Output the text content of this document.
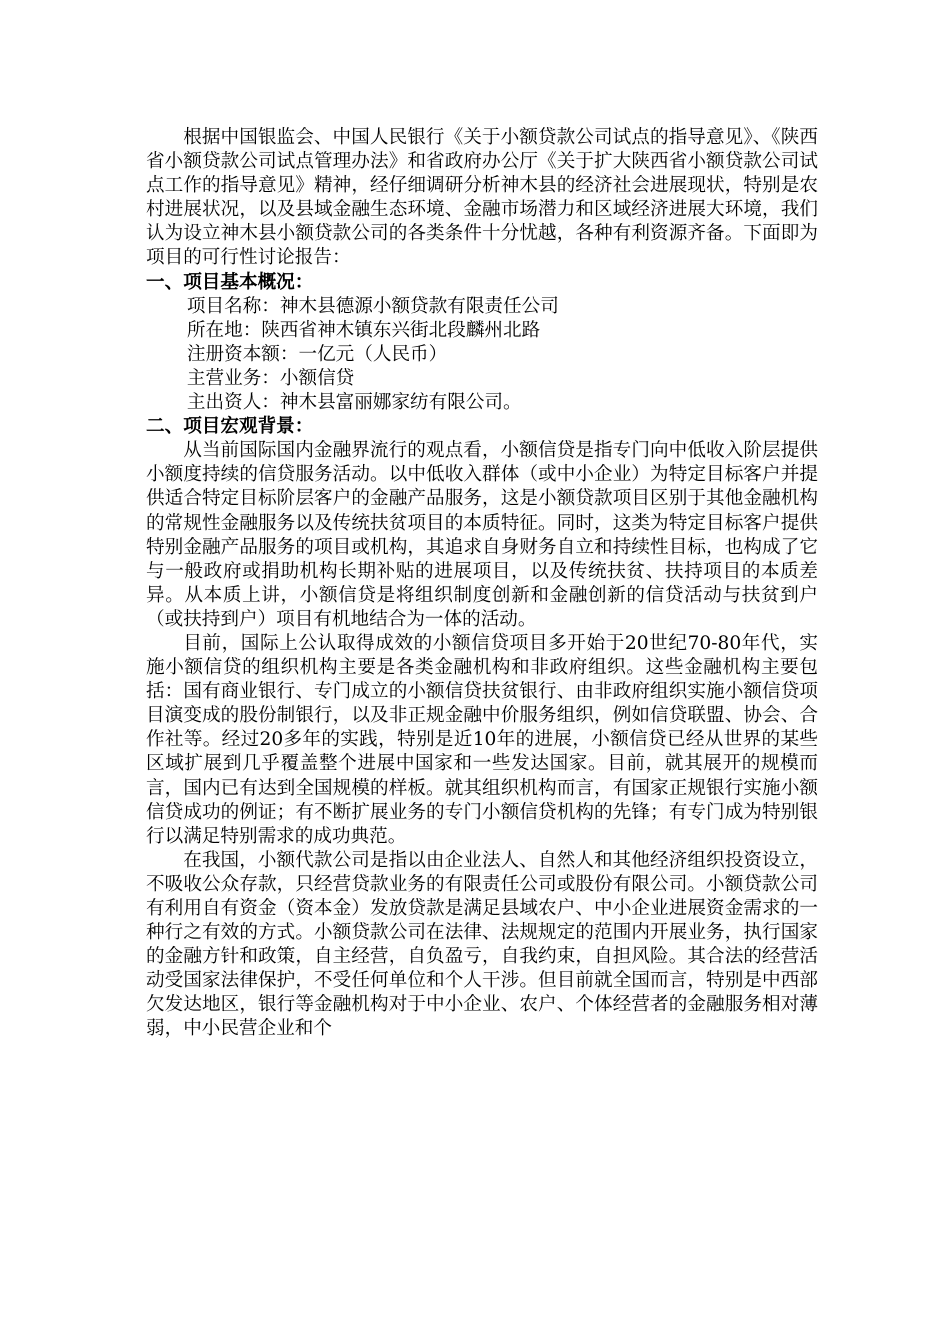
根据中国银监会、中国人民银行《关于小额贷款公司试点的指导意见》、《陕西省小额贷款公司试点管理办法》和省政府办公厅《关于扩大陕西省小额贷款公司试点工作的指导意见》精神，经仔细调研分析神木县的经济社会进展现状，特别是农村进展状况，以及县域金融生态环境、金融市场潜力和区域经济进展大环境，我们认为设立神木县小额贷款公司的各类条件十分忧越，各种有利资源齐备。下面即为项目的可行性讨论报告：

一、项目基本概况：

项目名称：神木县德源小额贷款有限责任公司

所在地：陕西省神木镇东兴街北段麟州北路

注册资本额：一亿元（人民币）

主营业务：小额信贷

主出资人：神木县富丽娜家纺有限公司。

二、项目宏观背景：

从当前国际国内金融界流行的观点看，小额信贷是指专门向中低收入阶层提供小额度持续的信贷服务活动。以中低收入群体（或中小企业）为特定目标客户并提供适合特定目标阶层客户的金融产品服务，这是小额贷款项目区别于其他金融机构的常规性金融服务以及传统扶贫项目的本质特征。同时，这类为特定目标客户提供特别金融产品服务的项目或机构，其追求自身财务自立和持续性目标，也构成了它与一般政府或捐助机构长期补贴的进展项目，以及传统扶贫、扶持项目的本质差异。从本质上讲，小额信贷是将组织制度创新和金融创新的信贷活动与扶贫到户（或扶持到户）项目有机地结合为一体的活动。

目前，国际上公认取得成效的小额信贷项目多开始于20世纪70-80年代，实施小额信贷的组织机构主要是各类金融机构和非政府组织。这些金融机构主要包括：国有商业银行、专门成立的小额信贷扶贫银行、由非政府组织实施小额信贷项目演变成的股份制银行，以及非正规金融中价服务组织，例如信贷联盟、协会、合作社等。经过20多年的实践，特别是近10年的进展，小额信贷已经从世界的某些区域扩展到几乎覆盖整个进展中国家和一些发达国家。目前，就其展开的规模而言，国内已有达到全国规模的样板。就其组织机构而言，有国家正规银行实施小额信贷成功的例证；有不断扩展业务的专门小额信贷机构的先锋；有专门成为特别银行以满足特别需求的成功典范。

在我国，小额代款公司是指以由企业法人、自然人和其他经济组织投资设立，不吸收公众存款，只经营贷款业务的有限责任公司或股份有限公司。小额贷款公司有利用自有资金（资本金）发放贷款是满足县域农户、中小企业进展资金需求的一种行之有效的方式。小额贷款公司在法律、法规规定的范围内开展业务，执行国家的金融方针和政策，自主经营，自负盈亏，自我约束，自担风险。其合法的经营活动受国家法律保护，不受任何单位和个人干涉。但目前就全国而言，特别是中西部欠发达地区，银行等金融机构对于中小企业、农户、个体经营者的金融服务相对薄弱，中小民营企业和个
